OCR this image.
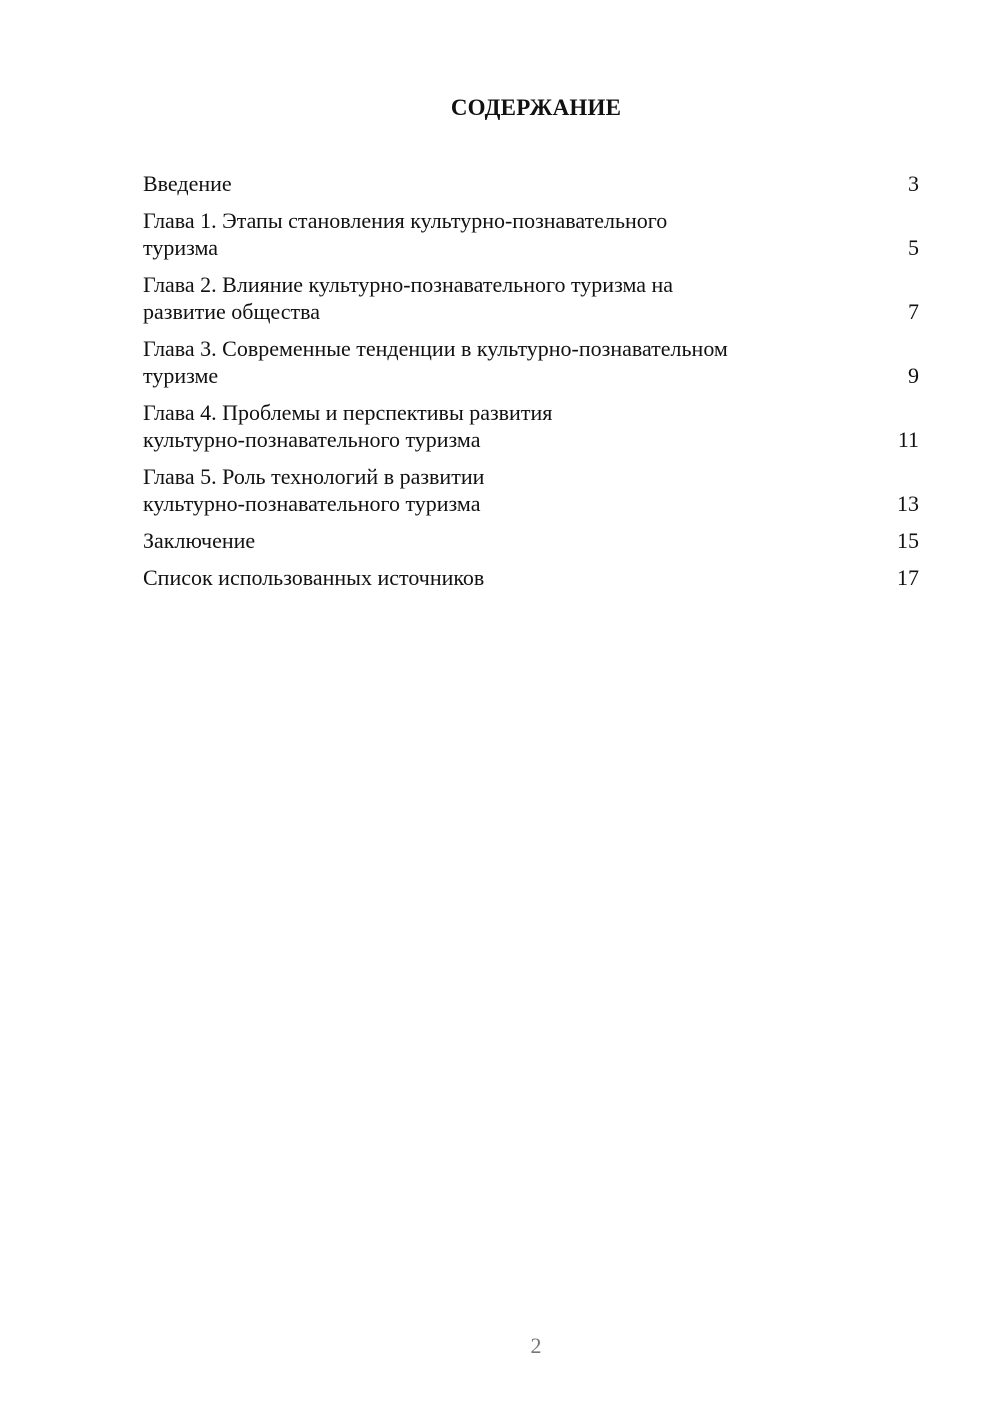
СОДЕРЖАНИЕ
Введение	3
Глава 1. Этапы становления культурно-познавательного
туризма	5
Глава 2. Влияние культурно-познавательного туризма на
развитие общества	7
Глава 3. Современные тенденции в культурно-познавательном
туризме	9
Глава 4. Проблемы и перспективы развития
культурно-познавательного туризма	11
Глава 5. Роль технологий в развитии
культурно-познавательного туризма	13
Заключение	15
Список использованных источников	17
2
